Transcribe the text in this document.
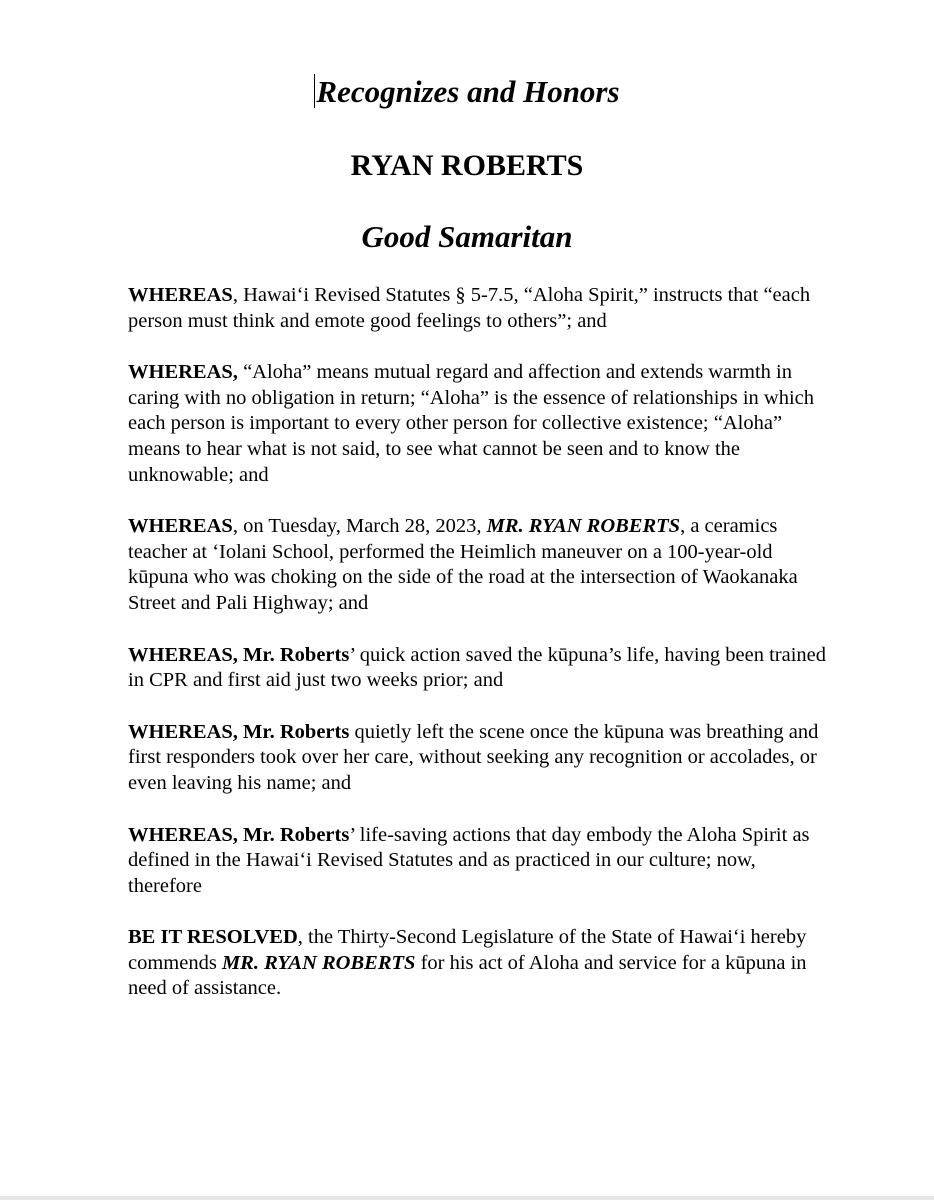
Recognizes and Honors
RYAN ROBERTS
Good Samaritan

WHEREAS, Hawai‘i Revised Statutes § 5-7.5, “Aloha Spirit,” instructs that “each person must think and emote good feelings to others”; and

WHEREAS, “Aloha” means mutual regard and affection and extends warmth in caring with no obligation in return; “Aloha” is the essence of relationships in which each person is important to every other person for collective existence; “Aloha” means to hear what is not said, to see what cannot be seen and to know the unknowable; and

WHEREAS, on Tuesday, March 28, 2023, MR. RYAN ROBERTS, a ceramics teacher at ‘Iolani School, performed the Heimlich maneuver on a 100-year-old kūpuna who was choking on the side of the road at the intersection of Waokanaka Street and Pali Highway; and

WHEREAS, Mr. Roberts’ quick action saved the kūpuna’s life, having been trained in CPR and first aid just two weeks prior; and

WHEREAS, Mr. Roberts quietly left the scene once the kūpuna was breathing and first responders took over her care, without seeking any recognition or accolades, or even leaving his name; and

WHEREAS, Mr. Roberts’ life-saving actions that day embody the Aloha Spirit as defined in the Hawai‘i Revised Statutes and as practiced in our culture; now, therefore

BE IT RESOLVED, the Thirty-Second Legislature of the State of Hawai‘i hereby commends MR. RYAN ROBERTS for his act of Aloha and service for a kūpuna in need of assistance.
